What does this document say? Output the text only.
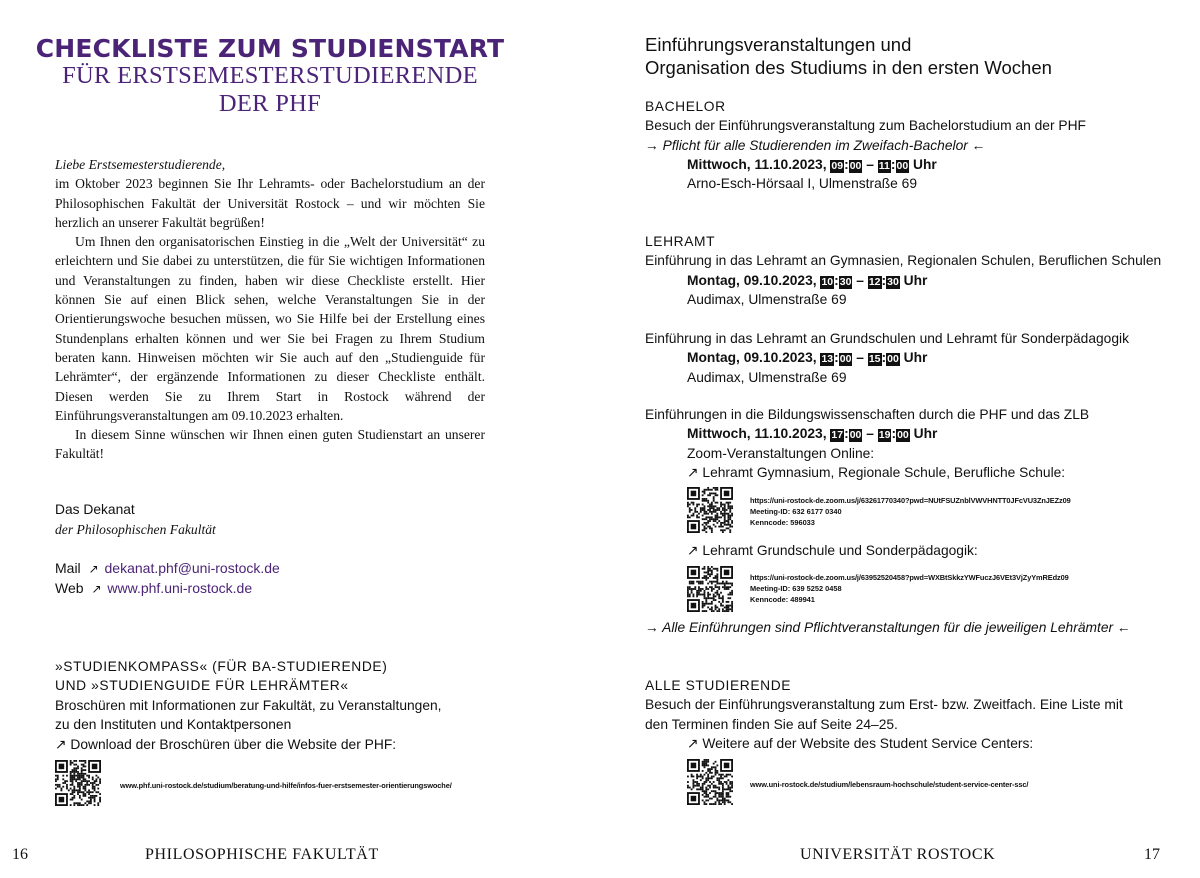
CHECKLISTE ZUM STUDIENSTART
FÜR ERSTSEMESTERSTUDIERENDE
DER PHF

Liebe Erstsemesterstudierende,

im Oktober 2023 beginnen Sie Ihr Lehramts- oder Bachelorstudium an der Philosophischen Fakultät der Universität Rostock – und wir möchten Sie herzlich an unserer Fakultät begrüßen!

Um Ihnen den organisatorischen Einstieg in die „Welt der Universität“ zu erleichtern und Sie dabei zu unterstützen, die für Sie wichtigen Informationen und Veranstaltungen zu finden, haben wir diese Checkliste erstellt. Hier können Sie auf einen Blick sehen, welche Veranstaltungen Sie in der Orientierungswoche besuchen müssen, wo Sie Hilfe bei der Erstellung eines Stundenplans erhalten können und wer Sie bei Fragen zu Ihrem Studium beraten kann. Hinweisen möchten wir Sie auch auf den „Studienguide für Lehrämter“, der ergänzende Informationen zu dieser Checkliste enthält. Diesen werden Sie zu Ihrem Start in Rostock während der Einführungsveranstaltungen am 09.10.2023 erhalten.

In diesem Sinne wünschen wir Ihnen einen guten Studienstart an unserer Fakultät!

Das Dekanat
der Philosophischen Fakultät
Mail ↗ dekanat.phf@uni-rostock.de
Web ↗ www.phf.uni-rostock.de
»STUDIENKOMPASS« (FÜR BA-STUDIERENDE)
UND »STUDIENGUIDE FÜR LEHRÄMTER«
Broschüren mit Informationen zur Fakultät, zu Veranstaltungen,
zu den Instituten und Kontaktpersonen
↗ Download der Broschüren über die Website der PHF:
www.phf.uni-rostock.de/studium/beratung-und-hilfe/infos-fuer-erstsemester-orientierungswoche/
16	PHILOSOPHISCHE FAKULTÄT
Einführungsveranstaltungen und
Organisation des Studiums in den ersten Wochen
BACHELOR
Besuch der Einführungsveranstaltung zum Bachelorstudium an der PHF
→ Pflicht für alle Studierenden im Zweifach-Bachelor ←
Mittwoch, 11.10.2023, 09:00 – 11:00 Uhr
Arno-Esch-Hörsaal I, Ulmenstraße 69
LEHRAMT
Einführung in das Lehramt an Gymnasien, Regionalen Schulen, Beruflichen Schulen
Montag, 09.10.2023, 10:30 – 12:30 Uhr
Audimax, Ulmenstraße 69
Einführung in das Lehramt an Grundschulen und Lehramt für Sonderpädagogik
Montag, 09.10.2023, 13:00 – 15:00 Uhr
Audimax, Ulmenstraße 69
Einführungen in die Bildungswissenschaften durch die PHF und das ZLB
Mittwoch, 11.10.2023, 17:00 – 19:00 Uhr
Zoom-Veranstaltungen Online:
↗ Lehramt Gymnasium, Regionale Schule, Berufliche Schule:
https://uni-rostock-de.zoom.us/j/63261770340?pwd=NUtFSUZnblVWVHNTT0JFcVU3ZnJEZz09
Meeting-ID: 632 6177 0340
Kenncode: 596033
↗ Lehramt Grundschule und Sonderpädagogik:
https://uni-rostock-de.zoom.us/j/63952520458?pwd=WXBtSkkzYWFuczJ6VEt3VjZyYmREdz09
Meeting-ID: 639 5252 0458
Kenncode: 489941
→ Alle Einführungen sind Pflichtveranstaltungen für die jeweiligen Lehrämter ←
ALLE STUDIERENDE
Besuch der Einführungsveranstaltung zum Erst- bzw. Zweitfach. Eine Liste mit
den Terminen finden Sie auf Seite 24–25.
↗ Weitere auf der Website des Student Service Centers:
www.uni-rostock.de/studium/lebensraum-hochschule/student-service-center-ssc/
UNIVERSITÄT ROSTOCK	17
